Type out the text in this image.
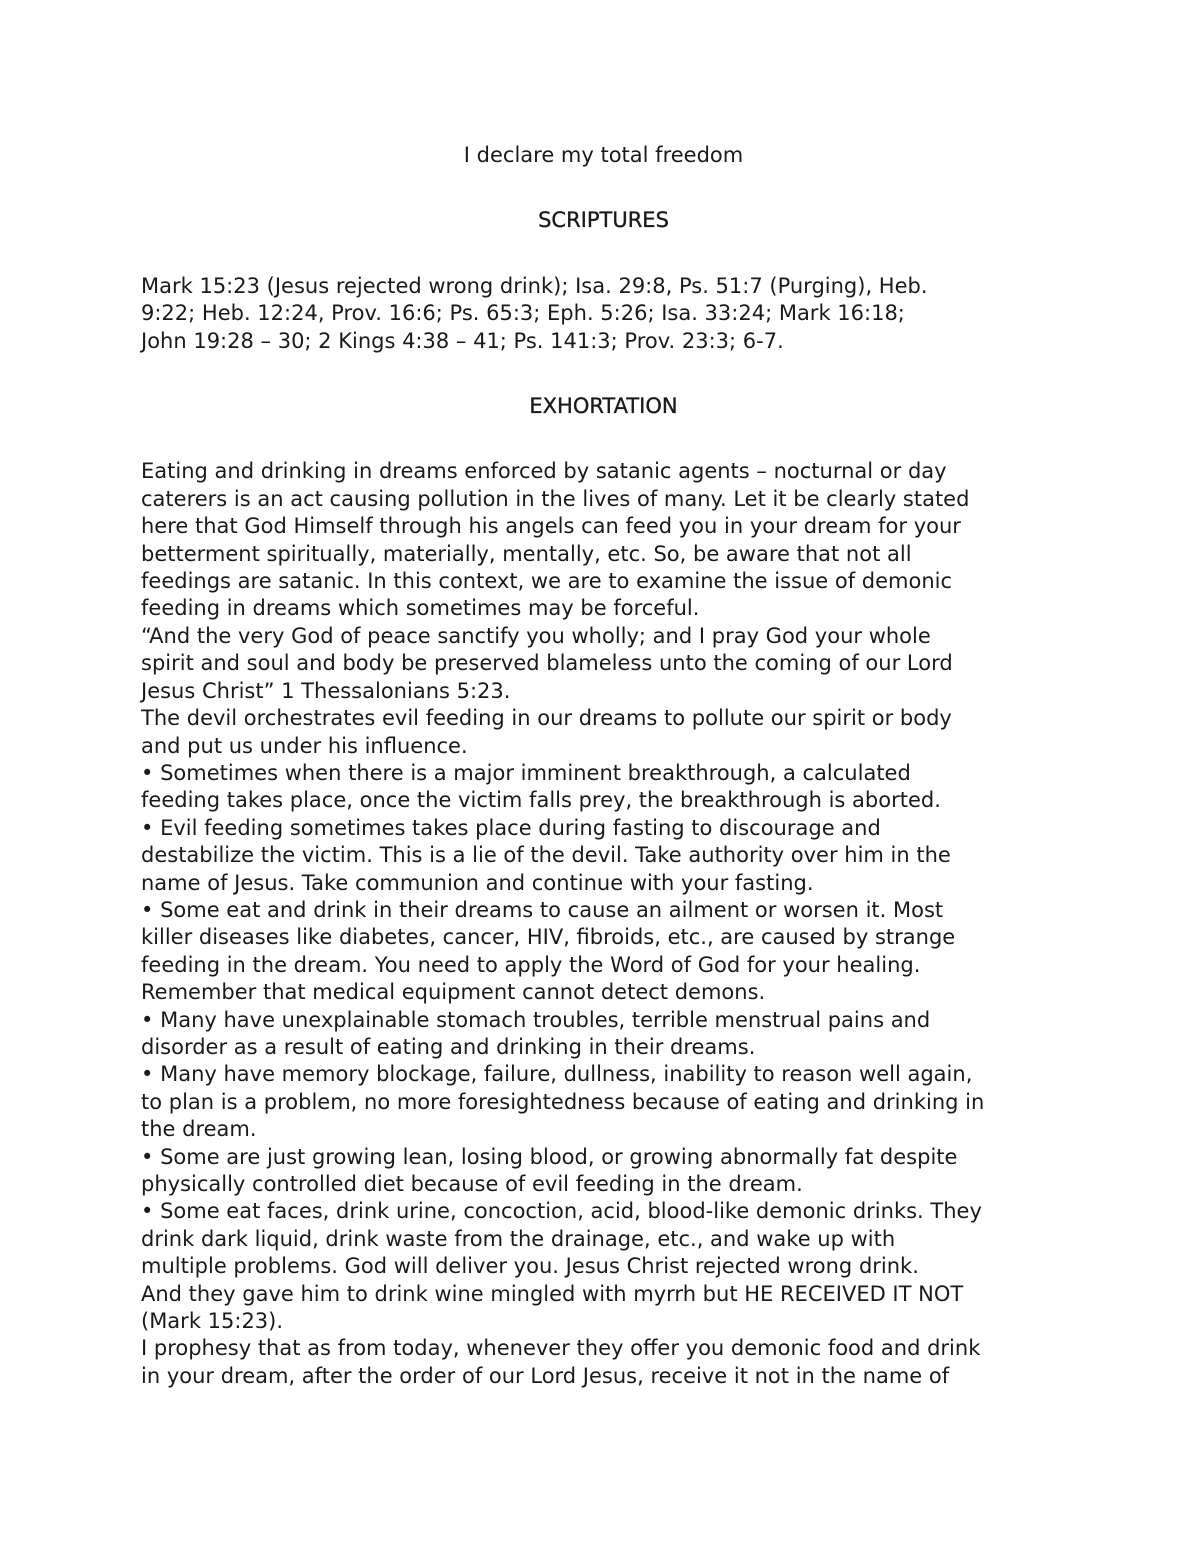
I declare my total freedom
SCRIPTURES

Mark 15:23 (Jesus rejected wrong drink); Isa. 29:8, Ps. 51:7 (Purging), Heb.
9:22; Heb. 12:24, Prov. 16:6; Ps. 65:3; Eph. 5:26; Isa. 33:24; Mark 16:18;
John 19:28 – 30; 2 Kings 4:38 – 41; Ps. 141:3; Prov. 23:3; 6-7.

EXHORTATION

Eating and drinking in dreams enforced by satanic agents – nocturnal or day
caterers is an act causing pollution in the lives of many. Let it be clearly stated
here that God Himself through his angels can feed you in your dream for your
betterment spiritually, materially, mentally, etc. So, be aware that not all
feedings are satanic. In this context, we are to examine the issue of demonic
feeding in dreams which sometimes may be forceful.

“And the very God of peace sanctify you wholly; and I pray God your whole
spirit and soul and body be preserved blameless unto the coming of our Lord
Jesus Christ” 1 Thessalonians 5:23.

The devil orchestrates evil feeding in our dreams to pollute our spirit or body
and put us under his influence.

• Sometimes when there is a major imminent breakthrough, a calculated
feeding takes place, once the victim falls prey, the breakthrough is aborted.

• Evil feeding sometimes takes place during fasting to discourage and
destabilize the victim. This is a lie of the devil. Take authority over him in the
name of Jesus. Take communion and continue with your fasting.

• Some eat and drink in their dreams to cause an ailment or worsen it. Most
killer diseases like diabetes, cancer, HIV, fibroids, etc., are caused by strange
feeding in the dream. You need to apply the Word of God for your healing.
Remember that medical equipment cannot detect demons.

• Many have unexplainable stomach troubles, terrible menstrual pains and
disorder as a result of eating and drinking in their dreams.

• Many have memory blockage, failure, dullness, inability to reason well again,
to plan is a problem, no more foresightedness because of eating and drinking in
the dream.

• Some are just growing lean, losing blood, or growing abnormally fat despite
physically controlled diet because of evil feeding in the dream.

• Some eat faces, drink urine, concoction, acid, blood-like demonic drinks. They
drink dark liquid, drink waste from the drainage, etc., and wake up with
multiple problems. God will deliver you. Jesus Christ rejected wrong drink.

And they gave him to drink wine mingled with myrrh but HE RECEIVED IT NOT
(Mark 15:23).

I prophesy that as from today, whenever they offer you demonic food and drink
in your dream, after the order of our Lord Jesus, receive it not in the name of
